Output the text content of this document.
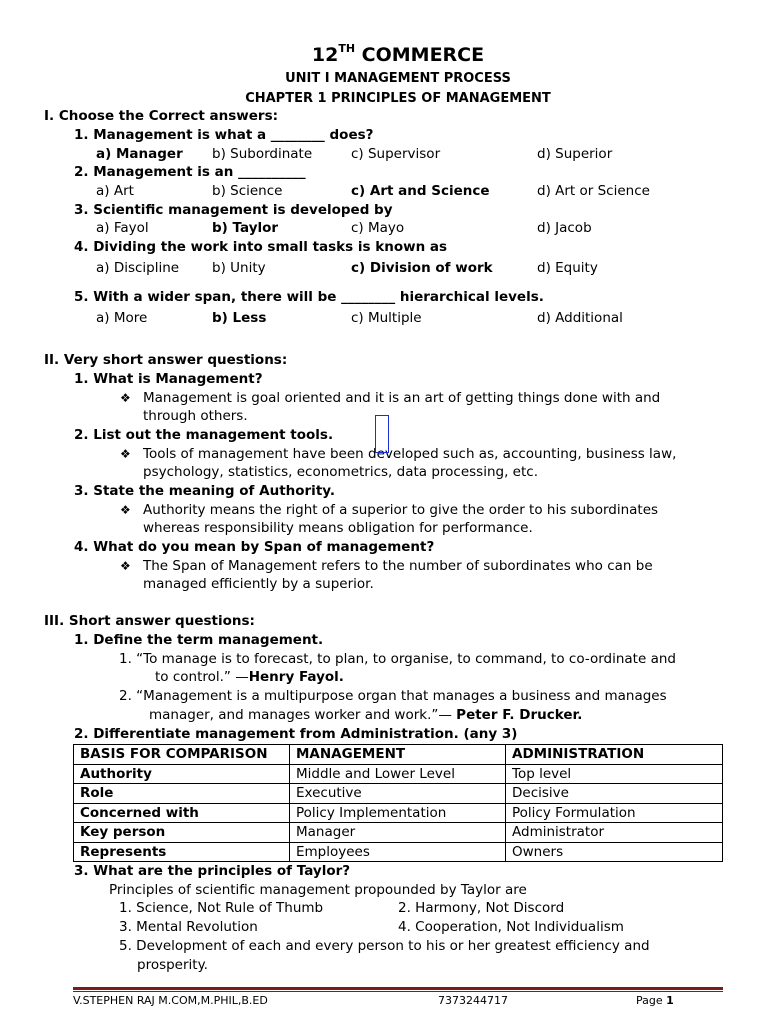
12TH COMMERCE
UNIT I MANAGEMENT PROCESS
CHAPTER 1 PRINCIPLES OF MANAGEMENT
I. Choose the Correct answers:
1. Management is what a ________ does?
a) Manager b) Subordinate	c) Supervisor	d) Superior
2. Management is an __________
a) Art	b) Science	c) Art and Science	d) Art or Science
3. Scientific management is developed by
a) Fayol	b) Taylor	c) Mayo	d) Jacob
4. Dividing the work into small tasks is known as
a) Discipline b) Unity	c) Division of work	d) Equity
5. With a wider span, there will be ________ hierarchical levels.
a) More	b) Less	c) Multiple	d) Additional
II. Very short answer questions:
1. What is Management?
❖ Management is goal oriented and it is an art of getting things done with and
through others.
2. List out the management tools.
❖ Tools of management have been developed such as, accounting, business law,
psychology, statistics, econometrics, data processing, etc.
3. State the meaning of Authority.
❖ Authority means the right of a superior to give the order to his subordinates
whereas responsibility means obligation for performance.
4. What do you mean by Span of management?
❖ The Span of Management refers to the number of subordinates who can be
managed efficiently by a superior.
III. Short answer questions:
1. Define the term management.
1. “To manage is to forecast, to plan, to organise, to command, to co-ordinate and
to control.” —Henry Fayol.
2. “Management is a multipurpose organ that manages a business and manages
manager, and manages worker and work.”— Peter F. Drucker.
2. Differentiate management from Administration. (any 3)
BASIS FOR COMPARISON	MANAGEMENT	ADMINISTRATION
Authority	Middle and Lower Level	Top level
Role	Executive	Decisive
Concerned with	Policy Implementation	Policy Formulation
Key person	Manager	Administrator
Represents	Employees	Owners
3. What are the principles of Taylor?
Principles of scientific management propounded by Taylor are
1. Science, Not Rule of Thumb	2. Harmony, Not Discord
3. Mental Revolution	4. Cooperation, Not Individualism
5. Development of each and every person to his or her greatest efficiency and
prosperity.
V.STEPHEN RAJ M.COM,M.PHIL,B.ED	7373244717	Page 1
